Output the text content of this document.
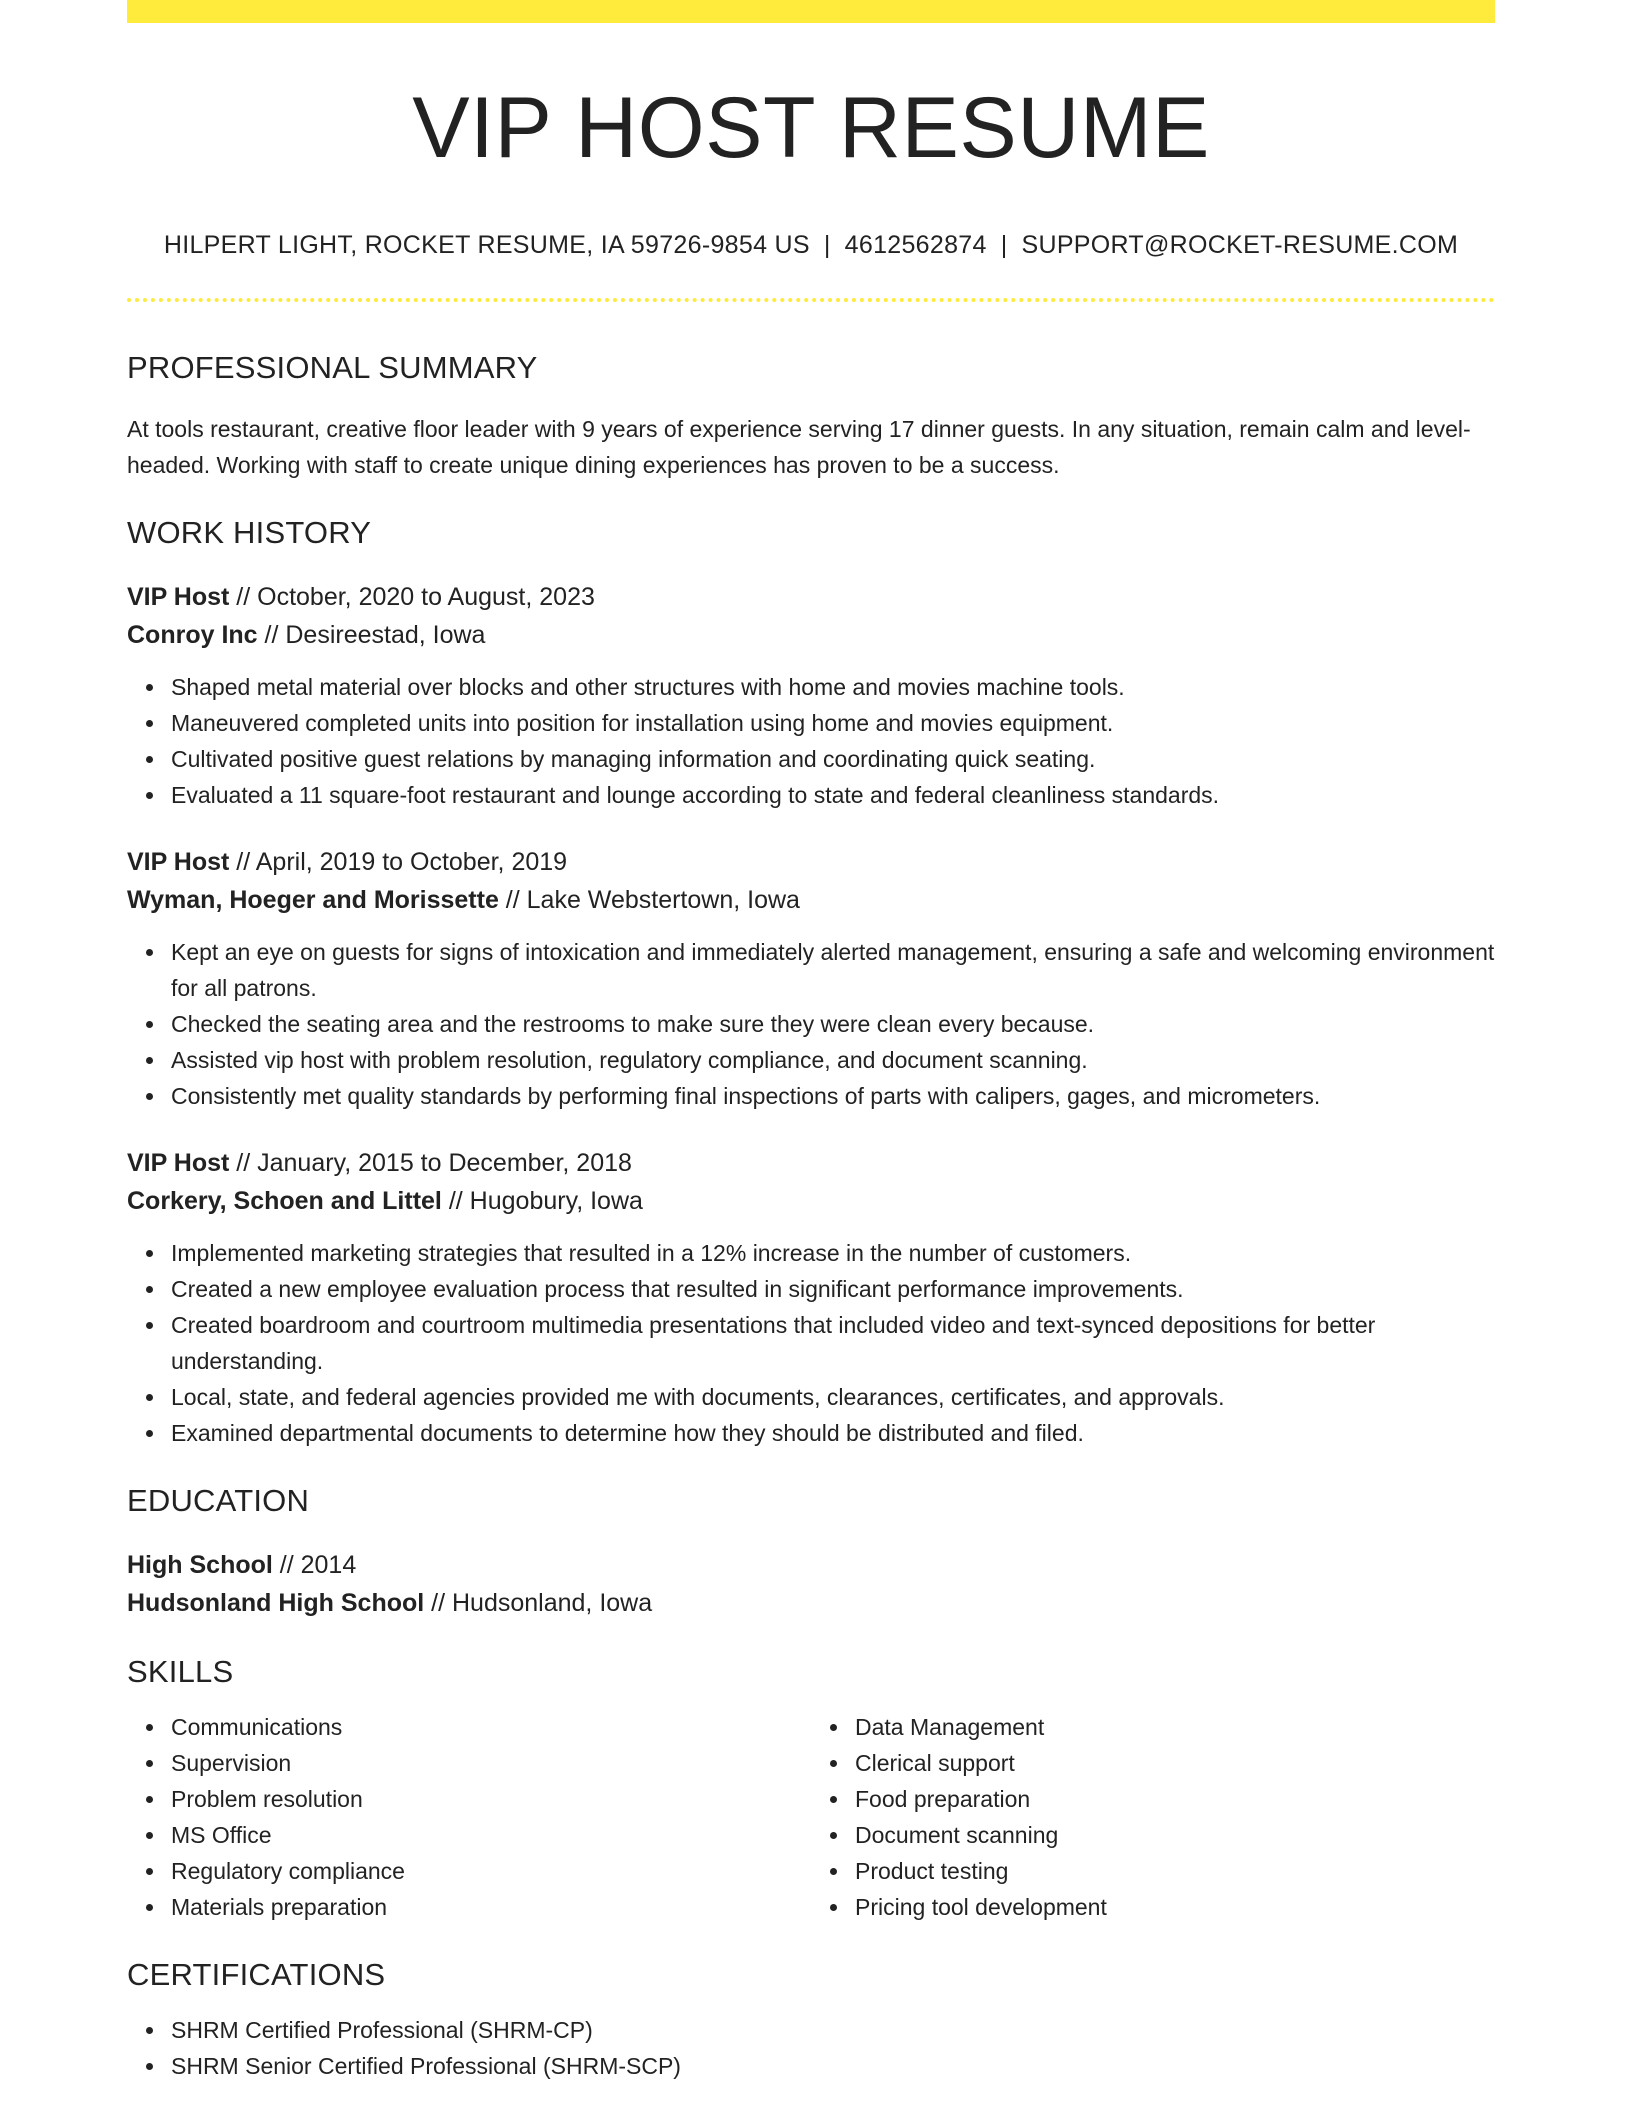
VIP HOST RESUME
HILPERT LIGHT, ROCKET RESUME, IA 59726-9854 US | 4612562874 | SUPPORT@ROCKET-RESUME.COM
PROFESSIONAL SUMMARY
At tools restaurant, creative floor leader with 9 years of experience serving 17 dinner guests. In any situation, remain calm and level-headed. Working with staff to create unique dining experiences has proven to be a success.
WORK HISTORY
VIP Host // October, 2020 to August, 2023
Conroy Inc // Desireestad, Iowa
Shaped metal material over blocks and other structures with home and movies machine tools.
Maneuvered completed units into position for installation using home and movies equipment.
Cultivated positive guest relations by managing information and coordinating quick seating.
Evaluated a 11 square-foot restaurant and lounge according to state and federal cleanliness standards.
VIP Host // April, 2019 to October, 2019
Wyman, Hoeger and Morissette // Lake Webstertown, Iowa
Kept an eye on guests for signs of intoxication and immediately alerted management, ensuring a safe and welcoming environment for all patrons.
Checked the seating area and the restrooms to make sure they were clean every because.
Assisted vip host with problem resolution, regulatory compliance, and document scanning.
Consistently met quality standards by performing final inspections of parts with calipers, gages, and micrometers.
VIP Host // January, 2015 to December, 2018
Corkery, Schoen and Littel // Hugobury, Iowa
Implemented marketing strategies that resulted in a 12% increase in the number of customers.
Created a new employee evaluation process that resulted in significant performance improvements.
Created boardroom and courtroom multimedia presentations that included video and text-synced depositions for better understanding.
Local, state, and federal agencies provided me with documents, clearances, certificates, and approvals.
Examined departmental documents to determine how they should be distributed and filed.
EDUCATION
High School // 2014
Hudsonland High School // Hudsonland, Iowa
SKILLS
Communications
Supervision
Problem resolution
MS Office
Regulatory compliance
Materials preparation
Data Management
Clerical support
Food preparation
Document scanning
Product testing
Pricing tool development
CERTIFICATIONS
SHRM Certified Professional (SHRM-CP)
SHRM Senior Certified Professional (SHRM-SCP)
